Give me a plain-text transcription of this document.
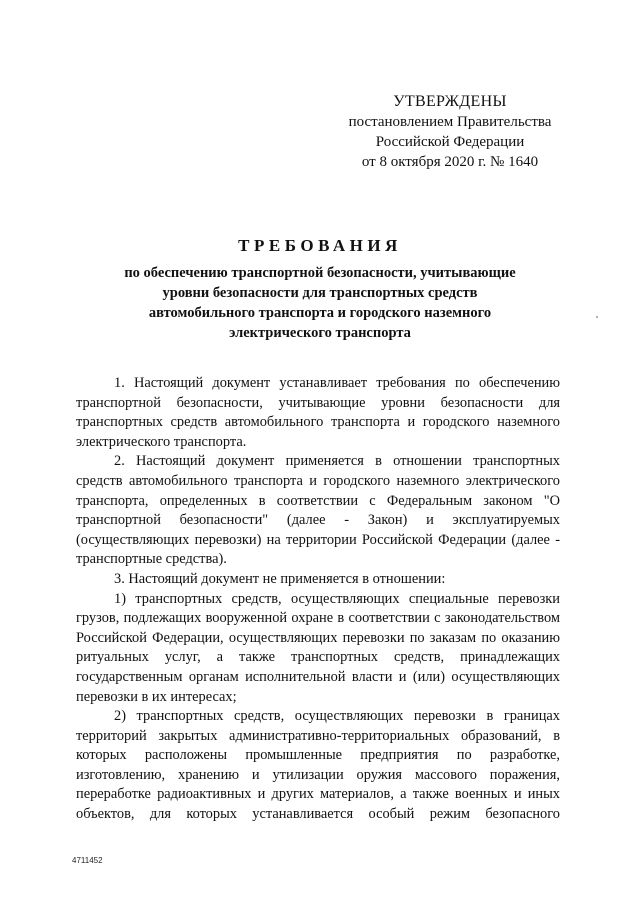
УТВЕРЖДЕНЫ
постановлением Правительства
Российской Федерации
от 8 октября 2020 г. № 1640
ТРЕБОВАНИЯ
по обеспечению транспортной безопасности, учитывающие уровни безопасности для транспортных средств автомобильного транспорта и городского наземного электрического транспорта

1. Настоящий документ устанавливает требования по обеспечению транспортной безопасности, учитывающие уровни безопасности для транспортных средств автомобильного транспорта и городского наземного электрического транспорта.

2. Настоящий документ применяется в отношении транспортных средств автомобильного транспорта и городского наземного электрического транспорта, определенных в соответствии с Федеральным законом "О транспортной безопасности" (далее - Закон) и эксплуатируемых (осуществляющих перевозки) на территории Российской Федерации (далее - транспортные средства).

3. Настоящий документ не применяется в отношении:

1) транспортных средств, осуществляющих специальные перевозки грузов, подлежащих вооруженной охране в соответствии с законодательством Российской Федерации, осуществляющих перевозки по заказам по оказанию ритуальных услуг, а также транспортных средств, принадлежащих государственным органам исполнительной власти и (или) осуществляющих перевозки в их интересах;

2) транспортных средств, осуществляющих перевозки в границах территорий закрытых административно-территориальных образований, в которых расположены промышленные предприятия по разработке, изготовлению, хранению и утилизации оружия массового поражения, переработке радиоактивных и других материалов, а также военных и иных объектов, для которых устанавливается особый режим безопасного

4711452
